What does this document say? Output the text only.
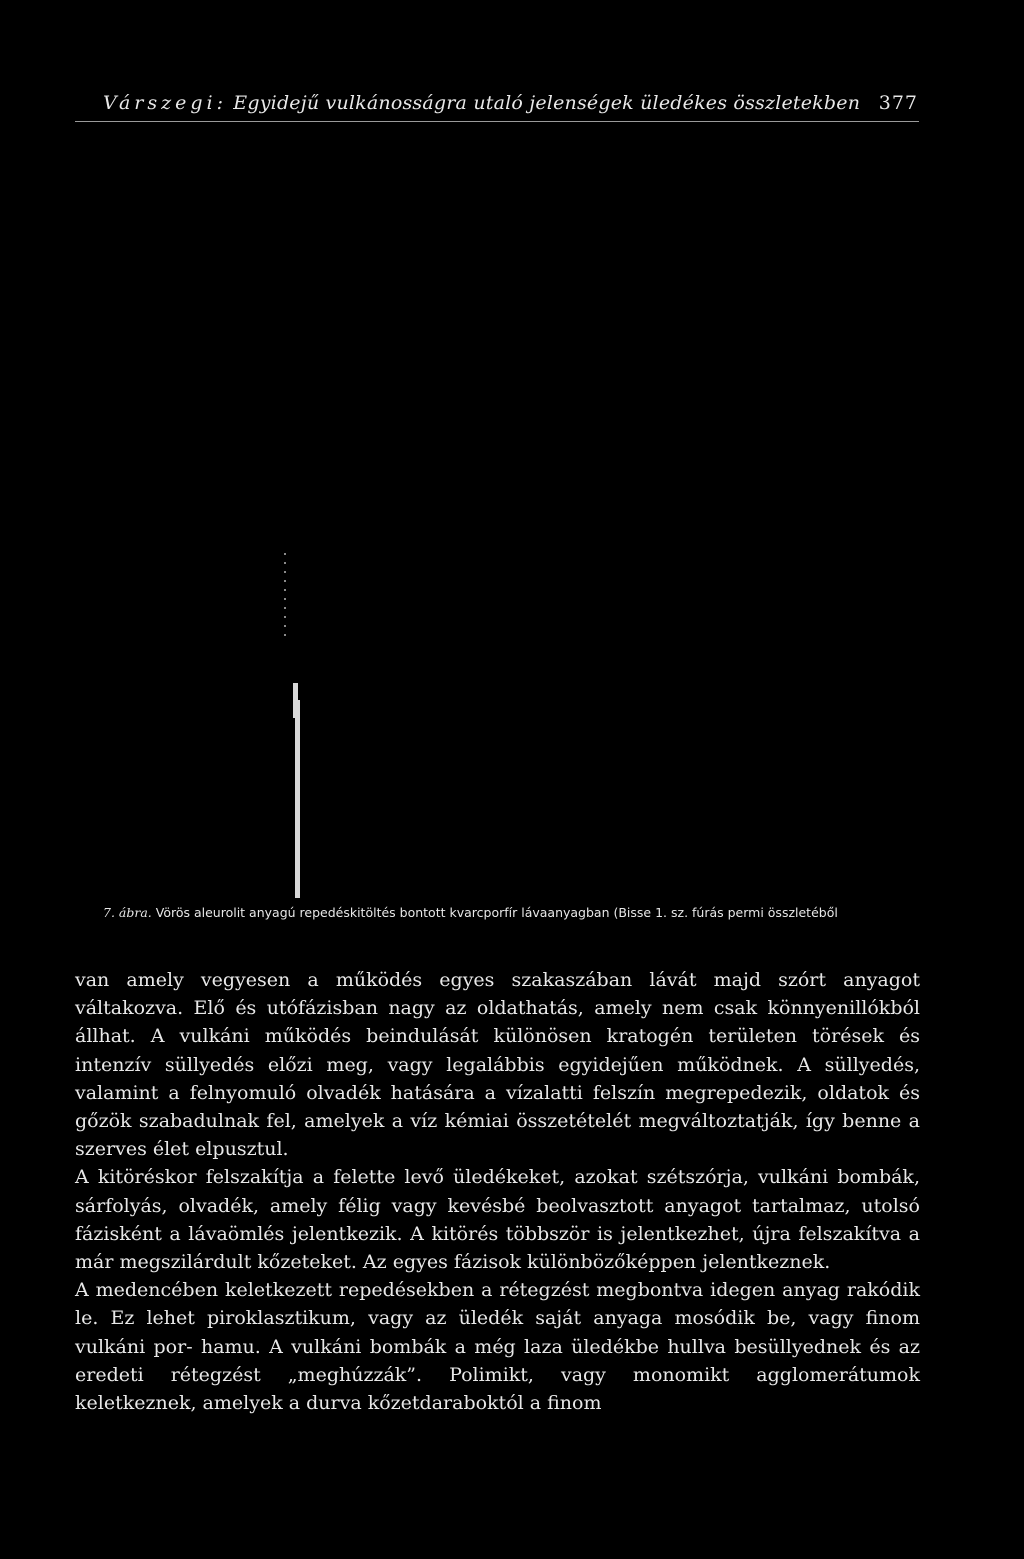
Várszegi: Egyidejű vulkánosságra utaló jelenségek üledékes összletekben 377
7. ábra. Vörös aleurolit anyagú repedéskitöltés bontott kvarcporfír lávaanyagban (Bisse 1. sz. fúrás permi összletéből

van amely vegyesen a működés egyes szakaszában lávát majd szórt anyagot váltakozva. Elő és utófázisban nagy az oldathatás, amely nem csak könnyenillókból állhat. A vulkáni működés beindulását különösen kratogén területen törések és intenzív süllyedés előzi meg, vagy legalábbis egyidejűen működnek. A süllyedés, valamint a felnyomuló olvadék hatására a vízalatti felszín megrepedezik, oldatok és gőzök szabadulnak fel, amelyek a víz kémiai összetételét megváltoztatják, így benne a szerves élet elpusztul.

A kitöréskor felszakítja a felette levő üledékeket, azokat szétszórja, vulkáni bombák, sárfolyás, olvadék, amely félig vagy kevésbé beolvasztott anyagot tartalmaz, utolsó fázisként a lávaömlés jelentkezik. A kitörés többször is jelentkezhet, újra felszakítva a már megszilárdult kőzeteket. Az egyes fázisok különbözőképpen jelentkeznek.

A medencében keletkezett repedésekben a rétegzést megbontva idegen anyag rakódik le. Ez lehet piroklasztikum, vagy az üledék saját anyaga mosódik be, vagy finom vulkáni por- hamu. A vulkáni bombák a még laza üledékbe hullva besüllyednek és az eredeti rétegzést „meghúzzák”. Polimikt, vagy monomikt agglomerátumok keletkeznek, amelyek a durva kőzetdaraboktól a finom
